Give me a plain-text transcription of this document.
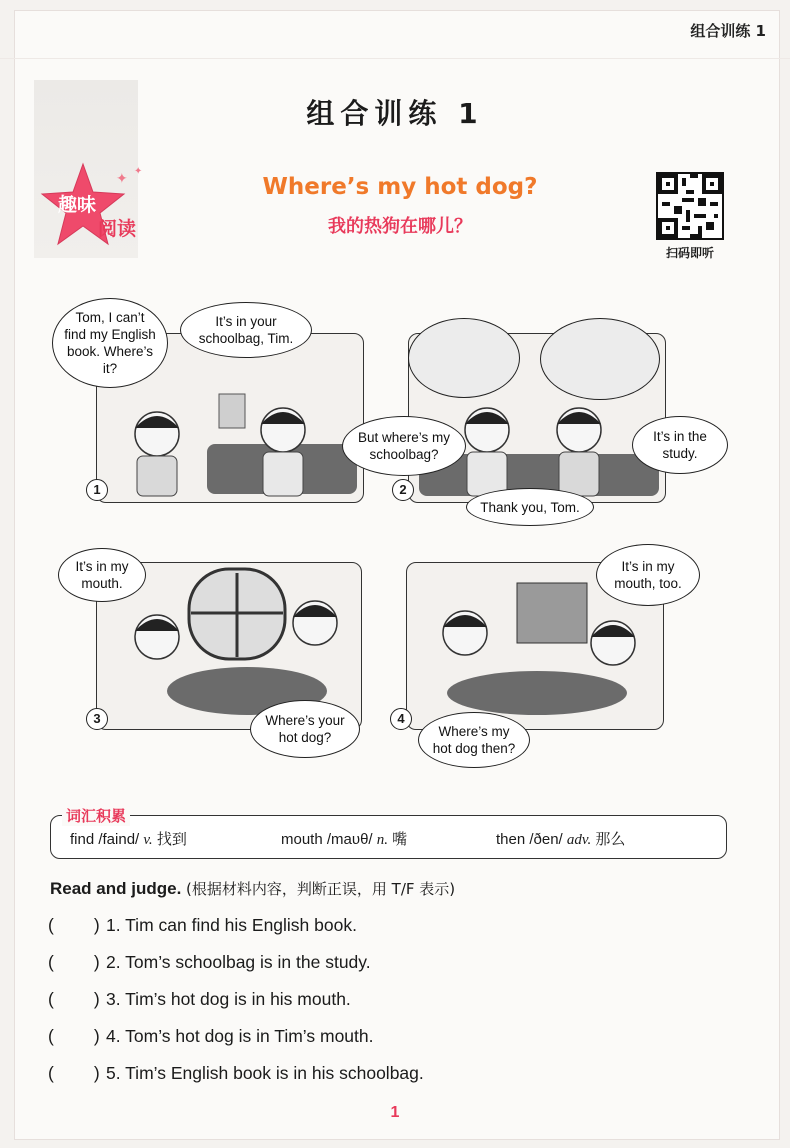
组合训练 1
组合训练 1
趣味
阅读
✦ ✦
Where’s my hot dog?
我的热狗在哪儿？
扫码即听
Tom, I can’t find my English book. Where’s it?
It’s in your schoolbag, Tim.
1
But where’s my schoolbag?
It’s in the study.
Thank you, Tom.
2
It’s in my mouth.
Where’s your hot dog?
3
It’s in my mouth, too.
Where’s my hot dog then?
4
词汇积累
find /faind/ v. 找到	mouth /maυθ/ n. 嘴	then /ðen/ adv. 那么
Read and judge. (根据材料内容，判断正误，用 T/F 表示)
( ) 1. Tim can find his English book.
( ) 2. Tom’s schoolbag is in the study.
( ) 3. Tim’s hot dog is in his mouth.
( ) 4. Tom’s hot dog is in Tim’s mouth.
( ) 5. Tim’s English book is in his schoolbag.
1
